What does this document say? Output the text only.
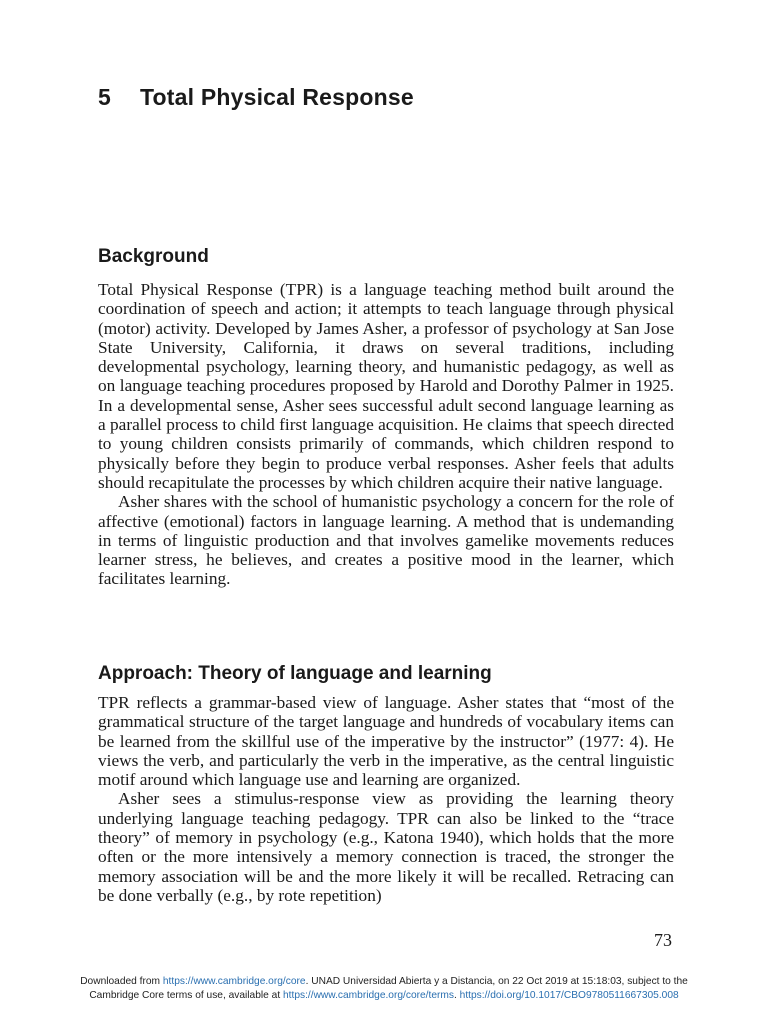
5 Total Physical Response
Background

Total Physical Response (TPR) is a language teaching method built around the coordination of speech and action; it attempts to teach language through physical (motor) activity. Developed by James Asher, a professor of psychology at San Jose State University, California, it draws on several traditions, including developmental psychology, learning theory, and humanistic pedagogy, as well as on language teaching procedures proposed by Harold and Dorothy Palmer in 1925. In a developmental sense, Asher sees successful adult second language learning as a parallel process to child first language acquisition. He claims that speech directed to young children consists primarily of commands, which children respond to physically before they begin to produce verbal responses. Asher feels that adults should recapitulate the processes by which children acquire their native language.

Asher shares with the school of humanistic psychology a concern for the role of affective (emotional) factors in language learning. A method that is undemanding in terms of linguistic production and that involves gamelike movements reduces learner stress, he believes, and creates a positive mood in the learner, which facilitates learning.

Approach: Theory of language and learning

TPR reflects a grammar-based view of language. Asher states that “most of the grammatical structure of the target language and hundreds of vocabulary items can be learned from the skillful use of the imperative by the instructor” (1977: 4). He views the verb, and particularly the verb in the imperative, as the central linguistic motif around which language use and learning are organized.

Asher sees a stimulus-response view as providing the learning theory underlying language teaching pedagogy. TPR can also be linked to the “trace theory” of memory in psychology (e.g., Katona 1940), which holds that the more often or the more intensively a memory connection is traced, the stronger the memory association will be and the more likely it will be recalled. Retracing can be done verbally (e.g., by rote repetition)

73
Downloaded from https://www.cambridge.org/core. UNAD Universidad Abierta y a Distancia, on 22 Oct 2019 at 15:18:03, subject to the
Cambridge Core terms of use, available at https://www.cambridge.org/core/terms. https://doi.org/10.1017/CBO9780511667305.008
